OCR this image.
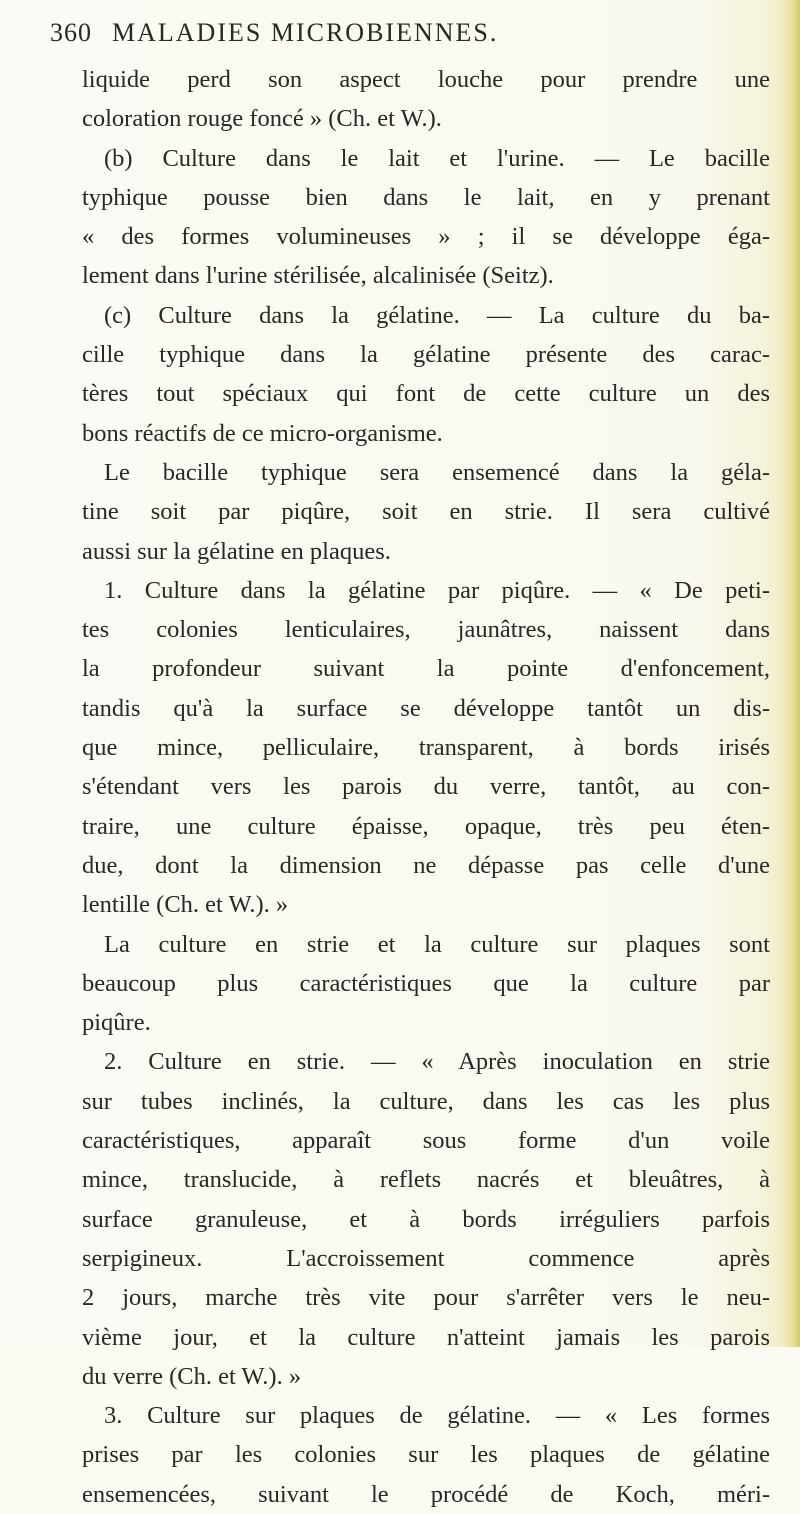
360 MALADIES MICROBIENNES.
liquide perd son aspect louche pour prendre une
coloration rouge foncé » (Ch. et W.).
(b) Culture dans le lait et l'urine. — Le bacille
typhique pousse bien dans le lait, en y prenant
« des formes volumineuses » ; il se développe éga-
lement dans l'urine stérilisée, alcalinisée (Seitz).
(c) Culture dans la gélatine. — La culture du ba-
cille typhique dans la gélatine présente des carac-
tères tout spéciaux qui font de cette culture un des
bons réactifs de ce micro-organisme.
Le bacille typhique sera ensemencé dans la géla-
tine soit par piqûre, soit en strie. Il sera cultivé
aussi sur la gélatine en plaques.
1. Culture dans la gélatine par piqûre. — « De peti-
tes colonies lenticulaires, jaunâtres, naissent dans
la profondeur suivant la pointe d'enfoncement,
tandis qu'à la surface se développe tantôt un dis-
que mince, pelliculaire, transparent, à bords irisés
s'étendant vers les parois du verre, tantôt, au con-
traire, une culture épaisse, opaque, très peu éten-
due, dont la dimension ne dépasse pas celle d'une
lentille (Ch. et W.). »
La culture en strie et la culture sur plaques sont
beaucoup plus caractéristiques que la culture par
piqûre.
2. Culture en strie. — « Après inoculation en strie
sur tubes inclinés, la culture, dans les cas les plus
caractéristiques, apparaît sous forme d'un voile
mince, translucide, à reflets nacrés et bleuâtres, à
surface granuleuse, et à bords irréguliers parfois
serpigineux. L'accroissement commence après
2 jours, marche très vite pour s'arrêter vers le neu-
vième jour, et la culture n'atteint jamais les parois
du verre (Ch. et W.). »
3. Culture sur plaques de gélatine. — « Les formes
prises par les colonies sur les plaques de gélatine
ensemencées, suivant le procédé de Koch, méri-
